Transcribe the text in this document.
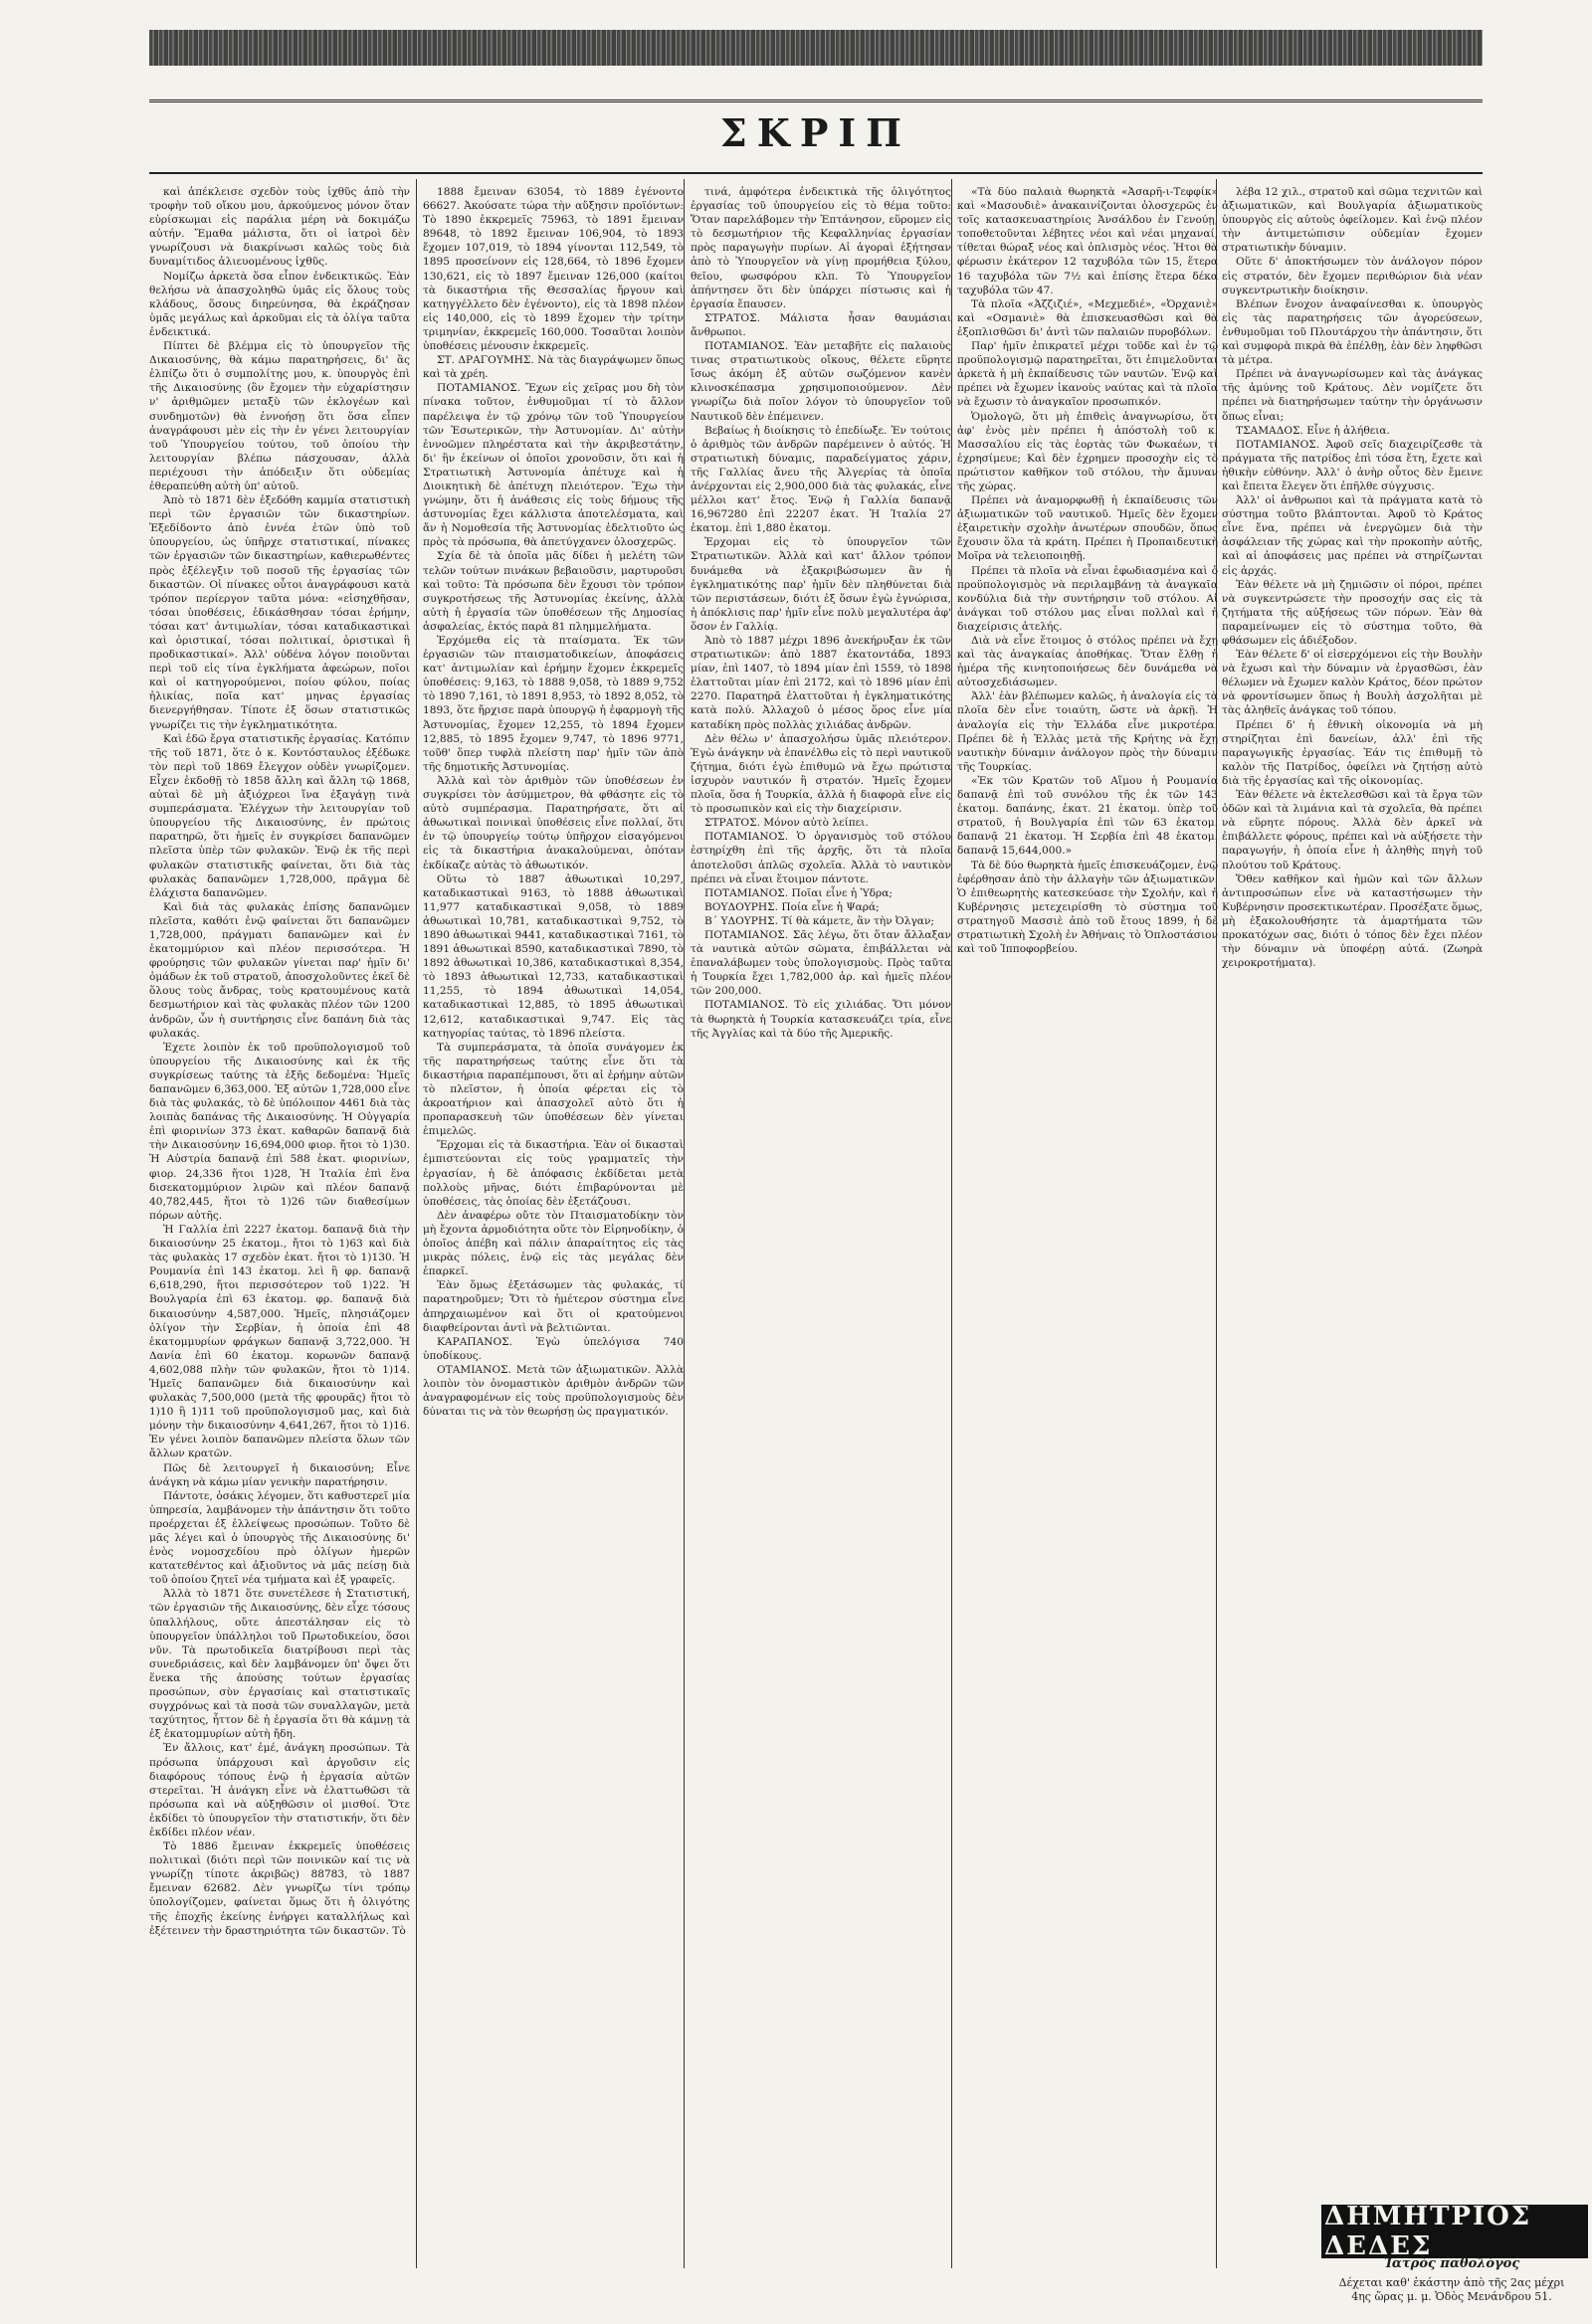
ΣΚΡΙΠ

καὶ ἀπέκλεισε σχεδὸν τοὺς ἰχθῦς ἀπὸ τὴν τροφὴν τοῦ οἴκου μου, ἀρκούμενος μόνον ὅταν εὑρίσκωμαι εἰς παράλια μέρη νὰ δοκιμάζω αὐτήν. Ἔμαθα μάλιστα, ὅτι οἱ ἰατροὶ δὲν γνωρίζουσι νὰ διακρίνωσι καλῶς τοὺς διὰ δυναμίτιδος ἁλιευομένους ἰχθῦς.

Νομίζω ἀρκετὰ ὅσα εἶπον ἐνδεικτικῶς. Ἐὰν θελήσω νὰ ἀπασχοληθῶ ὑμᾶς εἰς ὅλους τοὺς κλάδους, ὅσους διηρεύνησα, θὰ ἐκράζησαν ὑμᾶς μεγάλως καὶ ἀρκοῦμαι εἰς τὰ ὀλίγα ταῦτα ἐνδεικτικά.

Πίπτει δὲ βλέμμα εἰς τὸ ὑπουργεῖον τῆς Δικαιοσύνης, θὰ κάμω παρατηρήσεις, δι' ἃς ἐλπίζω ὅτι ὁ συμπολίτης μου, κ. ὑπουργὸς ἐπὶ τῆς Δικαιοσύνης (ὃν ἔχομεν τὴν εὐχαρίστησιν ν' ἀριθμῶμεν μεταξὺ τῶν ἐκλογέων καὶ συνδημοτῶν) θὰ ἐννοήσῃ ὅτι ὅσα εἶπεν ἀναγράφουσι μὲν εἰς τὴν ἐν γένει λειτουργίαν τοῦ Ὑπουργείου τούτου, τοῦ ὁποίου τὴν λειτουργίαν βλέπω πάσχουσαν, ἀλλὰ περιέχουσι τὴν ἀπόδειξιν ὅτι οὐδεμίας ἐθεραπεύθη αὐτὴ ὑπ' αὐτοῦ.

Ἀπὸ τὸ 1871 δὲν ἐξεδόθη καμμία στατιστικὴ περὶ τῶν ἐργασιῶν τῶν δικαστηρίων. Ἐξεδίδοντο ἀπὸ ἐννέα ἐτῶν ὑπὸ τοῦ ὑπουργείου, ὡς ὑπῆρχε στατιστικαί, πίνακες τῶν ἐργασιῶν τῶν δικαστηρίων, καθιερωθέντες πρὸς ἐξέλεγξιν τοῦ ποσοῦ τῆς ἐργασίας τῶν δικαστῶν. Οἱ πίνακες οὗτοι ἀναγράφουσι κατὰ τρόπον περίεργον ταῦτα μόνα: «εἰσηχθῆσαν, τόσαι ὑποθέσεις, ἐδικάσθησαν τόσαι ἐρήμην, τόσαι κατ' ἀντιμωλίαν, τόσαι καταδικαστικαὶ καὶ ὁριστικαί, τόσαι πολιτικαί, ὁριστικαὶ ἢ προδικαστικαί». Ἀλλ' οὐδένα λόγον ποιοῦνται περὶ τοῦ εἰς τίνα ἐγκλήματα ἀφεώρων, ποῖοι καὶ οἱ κατηγορούμενοι, ποίου φύλου, ποίας ἡλικίας, ποῖα κατ' μηνας ἐργασίας διενεργήθησαν. Τίποτε ἐξ ὅσων στατιστικῶς γνωρίζει τις τὴν ἐγκληματικότητα.

Καὶ ἐδῶ ἔργα στατιστικῆς ἐργασίας. Κατόπιν τῆς τοῦ 1871, ὅτε ὁ κ. Κοντόσταυλος ἐξέδωκε τὸν περὶ τοῦ 1869 ἔλεγχον οὐδὲν γνωρίζομεν. Εἶχεν ἐκδοθῇ τὸ 1858 ἄλλη καὶ ἄλλη τῷ 1868, αὐταὶ δὲ μὴ ἀξιόχρεοι ἵνα ἐξαγάγῃ τινὰ συμπεράσματα. Ἐλέγχων τὴν λειτουργίαν τοῦ ὑπουργείου τῆς Δικαιοσύνης, ἐν πρώτοις παρατηρῶ, ὅτι ἡμεῖς ἐν συγκρίσει δαπανῶμεν πλεῖστα ὑπὲρ τῶν φυλακῶν. Ἐνῷ ἐκ τῆς περὶ φυλακῶν στατιστικῆς φαίνεται, ὅτι διὰ τὰς φυλακὰς δαπανῶμεν 1,728,000, πρᾶγμα δὲ ἐλάχιστα δαπανῶμεν.

Καὶ διὰ τὰς φυλακὰς ἐπίσης δαπανῶμεν πλεῖστα, καθότι ἐνῷ φαίνεται ὅτι δαπανῶμεν 1,728,000, πράγματι δαπανῶμεν καὶ ἐν ἑκατομμύριον καὶ πλέον περισσότερα. Ἡ φρούρησις τῶν φυλακῶν γίνεται παρ' ἡμῖν δι' ὁμάδων ἐκ τοῦ στρατοῦ, ἀποσχολοῦντες ἐκεῖ δὲ ὅλους τοὺς ἄνδρας, τοὺς κρατουμένους κατὰ δεσμωτήριον καὶ τὰς φυλακὰς πλέον τῶν 1200 ἀνδρῶν, ὧν ἡ συντήρησις εἶνε δαπάνη διὰ τὰς φυλακάς.

Ἐχετε λοιπὸν ἐκ τοῦ προϋπολογισμοῦ τοῦ ὑπουργείου τῆς Δικαιοσύνης καὶ ἐκ τῆς συγκρίσεως ταύτης τὰ ἑξῆς δεδομένα: Ἡμεῖς δαπανῶμεν 6,363,000. Ἐξ αὐτῶν 1,728,000 εἶνε διὰ τὰς φυλακάς, τὸ δὲ ὑπόλοιπον 4461 διὰ τὰς λοιπὰς δαπάνας τῆς Δικαιοσύνης. Ἡ Οὐγγαρία ἐπὶ φιορινίων 373 ἑκατ. καθαρῶν δαπανᾷ διὰ τὴν Δικαιοσύνην 16,694,000 φιορ. ἤτοι τὸ 1)30. Ἡ Αὐστρία δαπανᾷ ἐπὶ 588 ἑκατ. φιορινίων, φιορ. 24,336 ἤτοι 1)28, Ἡ Ἰταλία ἐπὶ ἕνα δισεκατομμύριον λιρῶν καὶ πλέον δαπανᾷ 40,782,445, ἤτοι τὸ 1)26 τῶν διαθεσίμων πόρων αὐτῆς.

Ἡ Γαλλία ἐπὶ 2227 ἑκατομ. δαπανᾷ διὰ τὴν δικαιοσύνην 25 ἑκατομ., ἤτοι τὸ 1)63 καὶ διὰ τὰς φυλακὰς 17 σχεδὸν ἑκατ. ἤτοι τὸ 1)130. Ἡ Ρουμανία ἐπὶ 143 ἑκατομ. λεὶ ἢ φρ. δαπανᾷ 6,618,290, ἤτοι περισσότερον τοῦ 1)22. Ἡ Βουλγαρία ἐπὶ 63 ἑκατομ. φρ. δαπανᾷ διὰ δικαιοσύνην 4,587,000. Ἡμεῖς, πλησιάζομεν ὀλίγον τὴν Σερβίαν, ἡ ὁποία ἐπὶ 48 ἑκατομμυρίων φράγκων δαπανᾷ 3,722,000. Ἡ Δανία ἐπὶ 60 ἑκατομ. κορωνῶν δαπανᾷ 4,602,088 πλὴν τῶν φυλακῶν, ἤτοι τὸ 1)14. Ἡμεῖς δαπανῶμεν διὰ δικαιοσύνην καὶ φυλακὰς 7,500,000 (μετὰ τῆς φρουρᾶς) ἤτοι τὸ 1)10 ἢ 1)11 τοῦ προϋπολογισμοῦ μας, καὶ διὰ μόνην τὴν δικαιοσύνην 4,641,267, ἤτοι τὸ 1)16. Ἐν γένει λοιπὸν δαπανῶμεν πλείστα ὅλων τῶν ἄλλων κρατῶν.

Πῶς δὲ λειτουργεῖ ἡ δικαιοσύνη; Εἶνε ἀνάγκη νὰ κάμω μίαν γενικὴν παρατήρησιν.

Πάντοτε, ὁσάκις λέγομεν, ὅτι καθυστερεῖ μία ὑπηρεσία, λαμβάνομεν τὴν ἀπάντησιν ὅτι τοῦτο προέρχεται ἐξ ἐλλείψεως προσώπων. Τοῦτο δὲ μᾶς λέγει καὶ ὁ ὑπουργὸς τῆς Δικαιοσύνης δι' ἑνὸς νομοσχεδίου πρὸ ὀλίγων ἡμερῶν κατατεθέντος καὶ ἀξιοῦντος νὰ μᾶς πείσῃ διὰ τοῦ ὁποίου ζητεῖ νέα τμήματα καὶ ἐξ γραφεῖς.

Ἀλλὰ τὸ 1871 ὅτε συνετέλεσε ἡ Στατιστική, τῶν ἐργασιῶν τῆς Δικαιοσύνης, δὲν εἶχε τόσους ὑπαλλήλους, οὔτε ἀπεστάλησαν εἰς τὸ ὑπουργεῖον ὑπάλληλοι τοῦ Πρωτοδικείου, ὅσοι νῦν. Τὰ πρωτοδικεῖα διατρίβουσι περὶ τὰς συνεδριάσεις, καὶ δὲν λαμβάνομεν ὑπ' ὄψει ὅτι ἕνεκα τῆς ἀπούσης τούτων ἐργασίας προσώπων, σὺν ἐργασίαις καὶ στατιστικαῖς συγχρόνως καὶ τὰ ποσὰ τῶν συναλλαγῶν, μετὰ ταχύτητος, ἧττον δὲ ἡ ἐργασία ὅτι θὰ κάμνῃ τὰ ἐξ ἑκατομμυρίων αὐτὴ ἤδη.

Ἐν ἄλλοις, κατ' ἐμέ, ἀνάγκη προσώπων. Τὰ πρόσωπα ὑπάρχουσι καὶ ἀργοῦσιν εἰς διαφόρους τόπους ἐνῷ ἡ ἐργασία αὐτῶν στερεῖται. Ἡ ἀνάγκη εἶνε νὰ ἐλαττωθῶσι τὰ πρόσωπα καὶ νὰ αὐξηθῶσιν οἱ μισθοί. Ὅτε ἐκδίδει τὸ ὑπουργεῖον τὴν στατιστικήν, ὅτι δὲν ἐκδίδει πλέον νέαν.

Τὸ 1886 ἔμειναν ἐκκρεμεῖς ὑποθέσεις πολιτικαὶ (διότι περὶ τῶν ποινικῶν καί τις νὰ γνωρίζῃ τίποτε ἀκριβῶς) 88783, τὸ 1887 ἔμειναν 62682. Δὲν γνωρίζω τίνι τρόπῳ ὑπολογίζομεν, φαίνεται ὅμως ὅτι ἡ ὀλιγότης τῆς ἐποχῆς ἐκείνης ἐνήργει καταλλήλως καὶ ἐξέτεινεν τὴν δραστηριότητα τῶν δικαστῶν. Τὸ

1888 ἔμειναν 63054, τὸ 1889 ἐγένοντο 66627. Ἀκούσατε τώρα τὴν αὔξησιν προϊόντων: Τὸ 1890 ἐκκρεμεῖς 75963, τὸ 1891 ἔμειναν 89648, τὸ 1892 ἔμειναν 106,904, τὸ 1893 ἔχομεν 107,019, τὸ 1894 γίνονται 112,549, τὸ 1895 προσείνονν εἰς 128,664, τὸ 1896 ἔχομεν 130,621, εἰς τὸ 1897 ἔμειναν 126,000 (καίτοι τὰ δικαστήρια τῆς Θεσσαλίας ἤργουν καὶ κατηγγέλλετο δὲν ἐγένοντο), εἰς τὰ 1898 πλέον εἰς 140,000, εἰς τὸ 1899 ἔχομεν τὴν τρίτην τριμηνίαν, ἐκκρεμεῖς 160,000. Τοσαῦται λοιπὸν ὑποθέσεις μένουσιν ἐκκρεμεῖς.

ΣΤ. ΔΡΑΓΟΥΜΗΣ. Νὰ τὰς διαγράψωμεν ὅπως καὶ τὰ χρέη.

ΠΟΤΑΜΙΑΝΟΣ. Ἔχων εἰς χεῖρας μου δὴ τὸν πίνακα τοῦτον, ἐνθυμοῦμαι τί τὸ ἄλλον παρέλειψα ἐν τῷ χρόνῳ τῶν τοῦ Ὑπουργείου τῶν Ἐσωτερικῶν, τὴν Ἀστυνομίαν. Δι' αὐτὴν ἐννοῶμεν πληρέστατα καὶ τὴν ἀκριβεστάτην, δι' ἣν ἐκείνων οἱ ὁποῖοι χρονοῦσιν, ὅτι καὶ ἡ Στρατιωτικὴ Ἀστυνομία ἀπέτυχε καὶ ἡ Διοικητικὴ δὲ ἀπέτυχη πλειότερον. Ἔχω τὴν γνώμην, ὅτι ἡ ἀνάθεσις εἰς τοὺς δήμους τῆς ἀστυνομίας ἔχει κάλλιστα ἀποτελέσματα, καὶ ἄν ἡ Νομοθεσία τῆς Ἀστυνομίας ἐδελτιοῦτο ὡς πρὸς τὰ πρόσωπα, θὰ ἀπετύγχανεν ὁλοσχερῶς.

Σχία δὲ τὰ ὁποῖα μᾶς δίδει ἡ μελέτη τῶν τελῶν τούτων πινάκων βεβαιοῦσιν, μαρτυροῦσι καὶ τοῦτο: Τὰ πρόσωπα δὲν ἔχουσι τὸν τρόπον συγκροτήσεως τῆς Ἀστυνομίας ἐκείνης, ἀλλὰ αὐτὴ ἡ ἐργασία τῶν ὑποθέσεων τῆς Δημοσίας ἀσφαλείας, ἐκτός παρὰ 81 πλημμελήματα.

Ἐρχόμεθα εἰς τὰ πταίσματα. Ἐκ τῶν ἐργασιῶν τῶν πταισματοδικείων, ἀποφάσεις κατ' ἀντιμωλίαν καὶ ἐρήμην ἔχομεν ἐκκρεμεῖς ὑποθέσεις: 9,163, τὸ 1888 9,058, τὸ 1889 9,752 τὸ 1890 7,161, τὸ 1891 8,953, τὸ 1892 8,052, τὸ 1893, ὅτε ἤρχισε παρὰ ὑπουργῷ ἡ ἐφαρμογὴ τῆς Ἀστυνομίας, ἔχομεν 12,255, τὸ 1894 ἔχομεν 12,885, τὸ 1895 ἔχομεν 9,747, τὸ 1896 9771, τοῦθ' ὅπερ τυφλὰ πλείστη παρ' ἡμῖν τῶν ἀπὸ τῆς δημοτικῆς Ἀστυνομίας.

Ἀλλὰ καὶ τὸν ἀριθμὸν τῶν ὑποθέσεων ἐν συγκρίσει τὸν ἀσύμμετρον, θὰ φθάσητε εἰς τὸ αὐτὸ συμπέρασμα. Παρατηρήσατε, ὅτι αἱ ἀθωωτικαὶ ποινικαὶ ὑποθέσεις εἶνε πολλαί, ὅτι ἐν τῷ ὑπουργείῳ τούτῳ ὑπῆρχον εἰσαγόμενοι εἰς τὰ δικαστήρια ἀνακαλούμεναι, ὁπόταν ἐκδίκαζε αὐτὰς τὸ ἀθωωτικόν.

Οὕτω τὸ 1887 ἀθωωτικαὶ 10,297, καταδικαστικαὶ 9163, τὸ 1888 ἀθωωτικαὶ 11,977 καταδικαστικαὶ 9,058, τὸ 1889 ἀθωωτικαὶ 10,781, καταδικαστικαὶ 9,752, τὸ 1890 ἀθωωτικαὶ 9441, καταδικαστικαὶ 7161, τὸ 1891 ἀθωωτικαὶ 8590, καταδικαστικαὶ 7890, τὸ 1892 ἀθωωτικαὶ 10,386, καταδικαστικαὶ 8,354, τὸ 1893 ἀθωωτικαὶ 12,733, καταδικαστικαὶ 11,255, τὸ 1894 ἀθωωτικαὶ 14,054, καταδικαστικαὶ 12,885, τὸ 1895 ἀθωωτικαὶ 12,612, καταδικαστικαὶ 9,747. Εἰς τὰς κατηγορίας ταύτας, τὸ 1896 πλείστα.

Τὰ συμπεράσματα, τὰ ὁποῖα συνάγομεν ἐκ τῆς παρατηρήσεως ταύτης εἶνε ὅτι τὰ δικαστήρια παραπέμπουσι, ὅτι αἱ ἐρήμην αὐτῶν τὸ πλεῖστον, ἡ ὁποία φέρεται εἰς τὸ ἀκροατήριον καὶ ἀπασχολεῖ αὐτὸ ὅτι ἡ προπαρασκευὴ τῶν ὑποθέσεων δὲν γίνεται ἐπιμελῶς.

Ἔρχομαι εἰς τὰ δικαστήρια. Ἐὰν οἱ δικασταὶ ἐμπιστεύονται εἰς τοὺς γραμματεῖς τὴν ἐργασίαν, ἡ δὲ ἀπόφασις ἐκδίδεται μετὰ πολλοὺς μῆνας, διότι ἐπιβαρύνονται μὲ ὑποθέσεις, τὰς ὁποίας δὲν ἐξετάζουσι.

Δὲν ἀναφέρω οὔτε τὸν Πταισματοδίκην τὸν μὴ ἔχοντα ἁρμοδιότητα οὔτε τὸν Εἰρηνοδίκην, ὁ ὁποῖος ἀπέβη καὶ πάλιν ἀπαραίτητος εἰς τὰς μικρὰς πόλεις, ἐνῷ εἰς τὰς μεγάλας δὲν ἐπαρκεῖ.

Ἐὰν ὅμως ἐξετάσωμεν τὰς φυλακάς, τί παρατηροῦμεν; Ὅτι τὸ ἡμέτερον σύστημα εἶνε ἀπηρχαιωμένον καὶ ὅτι οἱ κρατούμενοι διαφθείρονται ἀντὶ νὰ βελτιῶνται.

ΚΑΡΑΠΑΝΟΣ. Ἐγὼ ὑπελόγισα 740 ὑποδίκους.

ΟΤΑΜΙΑΝΟΣ. Μετὰ τῶν ἀξιωματικῶν. Ἀλλὰ λοιπὸν τὸν ὀνομαστικὸν ἀριθμὸν ἀνδρῶν τῶν ἀναγραφομένων εἰς τοὺς προϋπολογισμοὺς δὲν δύναται τις νὰ τὸν θεωρήσῃ ὡς πραγματικόν.

τινά, ἀμφότερα ἐνδεικτικὰ τῆς ὀλιγότητος ἐργασίας τοῦ ὑπουργείου εἰς τὸ θέμα τοῦτο: Ὅταν παρελάβομεν τὴν Ἑπτάνησον, εὕρομεν εἰς τὸ δεσμωτήριον τῆς Κεφαλληνίας ἐργασίαν πρὸς παραγωγὴν πυρίων. Αἱ ἀγοραὶ ἐξήτησαν ἀπὸ τὸ Ὑπουργεῖον νὰ γίνῃ προμήθεια ξύλου, θεῖου, φωσφόρου κλπ. Τὸ Ὑπουργεῖον ἀπήντησεν ὅτι δὲν ὑπάρχει πίστωσις καὶ ἡ ἐργασία ἔπαυσεν.

ΣΤΡΑΤΟΣ. Μάλιστα ἦσαν θαυμάσιαι ἄνθρωποι.

ΠΟΤΑΜΙΑΝΟΣ. Ἐὰν μεταβῆτε εἰς παλαιοὺς τινας στρατιωτικοὺς οἴκους, θέλετε εὕρητε ἴσως ἀκόμη ἐξ αὐτῶν σωζόμενον κανὲν κλινοσκέπασμα χρησιμοποιούμενον. Δὲν γνωρίζω διὰ ποῖον λόγον τὸ ὑπουργεῖον τοῦ Ναυτικοῦ δὲν ἐπέμεινεν.

Βεβαίως ἡ διοίκησις τὸ ἐπεδίωξε. Ἐν τούτοις ὁ ἀριθμὸς τῶν ἀνδρῶν παρέμεινεν ὁ αὐτός. Ἡ στρατιωτικὴ δύναμις, παραδείγματος χάριν, τῆς Γαλλίας ἄνευ τῆς Ἀλγερίας τὰ ὁποῖα ἀνέρχονται εἰς 2,900,000 διὰ τὰς φυλακάς, εἶνε μέλλοι κατ' ἔτος. Ἐνῷ ἡ Γαλλία δαπανᾷ 16,967280 ἐπὶ 22207 ἑκατ. Ἡ Ἰταλία 27 ἑκατομ. ἐπὶ 1,880 ἑκατομ.

Ἐρχομαι εἰς τὸ ὑπουργεῖον τῶν Στρατιωτικῶν. Ἀλλὰ καὶ κατ' ἄλλον τρόπον δυνάμεθα νὰ ἐξακριβώσωμεν ἂν ἡ ἐγκληματικότης παρ' ἡμῖν δὲν πληθύνεται διὰ τῶν περιστάσεων, διότι ἐξ ὅσων ἐγὼ ἐγνώρισα, ἡ ἀπόκλισις παρ' ἡμῖν εἶνε πολὺ μεγαλυτέρα ἀφ' ὅσον ἐν Γαλλίᾳ.

Ἀπὸ τὸ 1887 μέχρι 1896 ἀνεκήρυξαν ἐκ τῶν στρατιωτικῶν: ἀπὸ 1887 ἐκατοντάδα, 1893 μίαν, ἐπὶ 1407, τὸ 1894 μίαν ἐπὶ 1559, τὸ 1898 ἐλαττοῦται μίαν ἐπὶ 2172, καὶ τὸ 1896 μίαν ἐπὶ 2270. Παρατηρᾶ ἐλαττοῦται ἡ ἐγκληματικότης κατὰ πολύ. Ἀλλαχοῦ ὁ μέσος ὅρος εἶνε μία καταδίκη πρὸς πολλὰς χιλιάδας ἀνδρῶν.

Δὲν θέλω ν' ἀπασχολήσω ὑμᾶς πλειότερον. Ἐγὼ ἀνάγκην νὰ ἐπανέλθω εἰς τὸ περὶ ναυτικοῦ ζήτημα, διότι ἐγὼ ἐπιθυμῶ νὰ ἔχω πρώτιστα ἰσχυρὸν ναυτικόν ἢ στρατόν. Ἡμεῖς ἔχομεν πλοῖα, ὅσα ἡ Τουρκία, ἀλλὰ ἡ διαφορὰ εἶνε εἰς τὸ προσωπικὸν καὶ εἰς τὴν διαχείρισιν.

ΣΤΡΑΤΟΣ. Μόνον αὐτὸ λείπει.

ΠΟΤΑΜΙΑΝΟΣ. Ὁ ὀργανισμὸς τοῦ στόλου ἐστηρίχθη ἐπὶ τῆς ἀρχῆς, ὅτι τὰ πλοῖα ἀποτελοῦσι ἁπλῶς σχολεῖα. Ἀλλὰ τὸ ναυτικὸν πρέπει νὰ εἶναι ἕτοιμον πάντοτε.

ΠΟΤΑΜΙΑΝΟΣ. Ποῖαι εἶνε ἡ Ὑδρα;

ΒΟΥΔΟΥΡΗΣ. Ποία εἶνε ἡ Ψαρά;

Β΄ ΥΔΟΥΡΗΣ. Τί θὰ κάμετε, ἂν τὴν Ὀλγαν;

ΠΟΤΑΜΙΑΝΟΣ. Σᾶς λέγω, ὅτι ὅταν ἄλλαξαν τὰ ναυτικὰ αὐτῶν σῶματα, ἐπιβάλλεται νὰ ἐπαναλάβωμεν τοὺς ὑπολογισμοὺς. Πρὸς ταῦτα ἡ Τουρκία ἔχει 1,782,000 ἀρ. καὶ ἡμεῖς πλέον τῶν 200,000.

ΠΟΤΑΜΙΑΝΟΣ. Τὸ εἰς χιλιάδας. Ὅτι μόνον τὰ θωρηκτὰ ἡ Τουρκία κατασκευάζει τρία, εἶνε τῆς Ἀγγλίας καὶ τὰ δύο τῆς Ἀμερικῆς.

«Τὰ δύο παλαιὰ θωρηκτὰ «Ἀσαρῆ-ι-Τεφφίκ» καὶ «Μασουδιὲ» ἀνακαινίζονται ὁλοσχερῶς ἐν τοῖς κατασκευαστηρίοις Ἀνσάλδου ἐν Γενούῃ, τοποθετοῦνται λέβητες νέοι καὶ νέαι μηχαναί, τίθεται θώραξ νέος καὶ ὁπλισμὸς νέος. Ἠτοι θὰ φέρωσιν ἑκάτερον 12 ταχυβόλα τῶν 15, ἕτερα 16 ταχυβόλα τῶν 7½ καὶ ἐπίσης ἕτερα δέκα ταχυβόλα τῶν 47.

Τὰ πλοῖα «Ἀζζιζιέ», «Μεχμεδιέ», «Ὀρχανιὲ» καὶ «Οσμανιὲ» θὰ ἐπισκευασθῶσι καὶ θὰ ἐξοπλισθῶσι δι' ἀντὶ τῶν παλαιῶν πυροβόλων.

Παρ' ἡμῖν ἐπικρατεῖ μέχρι τοῦδε καὶ ἐν τῷ προϋπολογισμῷ παρατηρεῖται, ὅτι ἐπιμελοῦνται ἀρκετὰ ἡ μὴ ἐκπαίδευσις τῶν ναυτῶν. Ἐνῷ καὶ πρέπει νὰ ἔχωμεν ἱκανοὺς ναύτας καὶ τὰ πλοῖα νὰ ἔχωσιν τὸ ἀναγκαῖον προσωπικόν.

Ὁμολογῶ, ὅτι μὴ ἐπιθεὶς ἀναγνωρίσω, ὅτι ἀφ' ἑνὸς μὲν πρέπει ἡ ἀπόστολὴ τοῦ κ. Μασσαλίου εἰς τὰς ἑορτὰς τῶν Φωκαέων, τί ἐχρησίμευε; Καὶ δὲν ἐχρημεν προσοχὴν εἰς τὸ πρώτιστον καθῆκον τοῦ στόλου, τὴν ἄμυναν τῆς χώρας.

Πρέπει νὰ ἀναμορφωθῇ ἡ ἐκπαίδευσις τῶν ἀξιωματικῶν τοῦ ναυτικοῦ. Ἡμεῖς δὲν ἔχομεν ἐξαιρετικὴν σχολὴν ἀνωτέρων σπουδῶν, ὅπως ἔχουσιν ὅλα τὰ κράτη. Πρέπει ἡ Προπαιδευτικὴ Μοῖρα νὰ τελειοποιηθῇ.

Πρέπει τὰ πλοῖα νὰ εἶναι ἐφωδιασμένα καὶ ὁ προϋπολογισμὸς νὰ περιλαμβάνῃ τὰ ἀναγκαῖα κονδύλια διὰ τὴν συντήρησιν τοῦ στόλου. Αἱ ἀνάγκαι τοῦ στόλου μας εἶναι πολλαὶ καὶ ἡ διαχείρισις ἀτελής.

Διὰ νὰ εἶνε ἕτοιμος ὁ στόλος πρέπει νὰ ἔχῃ καὶ τὰς ἀναγκαίας ἀποθήκας. Ὅταν ἔλθῃ ἡ ἡμέρα τῆς κινητοποιήσεως δὲν δυνάμεθα νὰ αὐτοσχεδιάσωμεν.

Ἀλλ' ἐὰν βλέπωμεν καλῶς, ἡ ἀναλογία εἰς τὰ πλοῖα δὲν εἶνε τοιαύτη, ὥστε νὰ ἀρκῇ. Ἡ ἀναλογία εἰς τὴν Ἑλλάδα εἶνε μικροτέρα. Πρέπει δὲ ἡ Ἑλλὰς μετὰ τῆς Κρήτης νὰ ἔχῃ ναυτικὴν δύναμιν ἀνάλογον πρὸς τὴν δύναμιν τῆς Τουρκίας.

«Ἐκ τῶν Κρατῶν τοῦ Αἵμου ἡ Ρουμανία δαπανᾷ ἐπὶ τοῦ συνόλου τῆς ἐκ τῶν 143 ἑκατομ. δαπάνης, ἑκατ. 21 ἑκατομ. ὑπὲρ τοῦ στρατοῦ, ἡ Βουλγαρία ἐπὶ τῶν 63 ἑκατομ. δαπανᾷ 21 ἑκατομ. Ἡ Σερβία ἐπὶ 48 ἑκατομ. δαπανᾷ 15,644,000.»

Τὰ δὲ δύο θωρηκτὰ ἡμεῖς ἐπισκευάζομεν, ἐνῷ ἐφέρθησαν ἀπὸ τὴν ἀλλαγὴν τῶν ἀξιωματικῶν. Ὁ ἐπιθεωρητὴς κατεσκεύασε τὴν Σχολήν, καὶ ἡ Κυβέρνησις μετεχειρίσθη τὸ σύστημα τοῦ στρατηγοῦ Μασσιὲ ἀπὸ τοῦ ἔτους 1899, ἡ δὲ στρατιωτικὴ Σχολὴ ἐν Ἀθήναις τὸ Ὁπλοστάσιον καὶ τοῦ Ἱπποφορβείου.

λέβα 12 χιλ., στρατοῦ καὶ σῶμα τεχνιτῶν καὶ ἀξιωματικῶν, καὶ Βουλγαρία ἀξιωματικοὺς ὑπουργὸς εἰς αὐτοὺς ὀφείλομεν. Καὶ ἐνῷ πλέον τὴν ἀντιμετώπισιν οὐδεμίαν ἔχομεν στρατιωτικὴν δύναμιν.

Οὕτε δ' ἀποκτήσωμεν τὸν ἀνάλογον πόρον εἰς στρατόν, δὲν ἔχομεν περιθώριον διὰ νέαν συγκεντρωτικὴν διοίκησιν.

Βλέπων ἔνοχον ἀναφαίνεσθαι κ. ὑπουργὸς εἰς τὰς παρατηρήσεις τῶν ἀγορεύσεων, ἐνθυμοῦμαι τοῦ Πλουτάρχου τὴν ἀπάντησιν, ὅτι καὶ συμφορὰ πικρὰ θὰ ἐπέλθῃ, ἐὰν δὲν ληφθῶσι τὰ μέτρα.

Πρέπει νὰ ἀναγνωρίσωμεν καὶ τὰς ἀνάγκας τῆς ἀμύνης τοῦ Κράτους. Δὲν νομίζετε ὅτι πρέπει νὰ διατηρήσωμεν ταύτην τὴν ὀργάνωσιν ὅπως εἶναι;

ΤΣΑΜΑΔΟΣ. Εἶνε ἡ ἀλήθεια.

ΠΟΤΑΜΙΑΝΟΣ. Ἀφοῦ σεῖς διαχειρίζεσθε τὰ πράγματα τῆς πατρίδος ἐπὶ τόσα ἔτη, ἔχετε καὶ ἠθικὴν εὐθύνην. Ἀλλ' ὁ ἀνὴρ οὗτος δὲν ἔμεινε καὶ ἔπειτα ἔλεγεν ὅτι ἐπῆλθε σύγχυσις.

Ἀλλ' οἱ ἀνθρωποι καὶ τὰ πράγματα κατὰ τὸ σύστημα τοῦτο βλάπτονται. Ἀφοῦ τὸ Κράτος εἶνε ἕνα, πρέπει νὰ ἐνεργῶμεν διὰ τὴν ἀσφάλειαν τῆς χώρας καὶ τὴν προκοπὴν αὐτῆς, καὶ αἱ ἀποφάσεις μας πρέπει νὰ στηρίζωνται εἰς ἀρχάς.

Ἐὰν θέλετε νὰ μὴ ζημιῶσιν οἱ πόροι, πρέπει νὰ συγκεντρώσετε τὴν προσοχήν σας εἰς τὰ ζητήματα τῆς αὐξήσεως τῶν πόρων. Ἐὰν θὰ παραμείνωμεν εἰς τὸ σύστημα τοῦτο, θὰ φθάσωμεν εἰς ἀδιέξοδον.

Ἐὰν θέλετε δ' οἱ εἰσερχόμενοι εἰς τὴν Βουλὴν νὰ ἔχωσι καὶ τὴν δύναμιν νὰ ἐργασθῶσι, ἐὰν θέλωμεν νὰ ἔχωμεν καλὸν Κράτος, δέον πρώτον νὰ φροντίσωμεν ὅπως ἡ Βουλὴ ἀσχολῆται μὲ τὰς ἀληθεῖς ἀνάγκας τοῦ τόπου.

Πρέπει δ' ἡ ἐθνικὴ οἰκονομία νὰ μὴ στηρίζηται ἐπὶ δανείων, ἀλλ' ἐπὶ τῆς παραγωγικῆς ἐργασίας. Ἐάν τις ἐπιθυμῇ τὸ καλὸν τῆς Πατρίδος, ὀφείλει νὰ ζητήσῃ αὐτὸ διὰ τῆς ἐργασίας καὶ τῆς οἰκονομίας.

Ἐὰν θέλετε νὰ ἐκτελεσθῶσι καὶ τὰ ἔργα τῶν ὁδῶν καὶ τὰ λιμάνια καὶ τὰ σχολεῖα, θὰ πρέπει νὰ εὕρητε πόρους. Ἀλλὰ δὲν ἀρκεῖ νὰ ἐπιβάλλετε φόρους, πρέπει καὶ νὰ αὐξήσετε τὴν παραγωγήν, ἡ ὁποία εἶνε ἡ ἀληθὴς πηγὴ τοῦ πλούτου τοῦ Κράτους.

Ὅθεν καθῆκον καὶ ἡμῶν καὶ τῶν ἄλλων ἀντιπροσώπων εἶνε νὰ καταστήσωμεν τὴν Κυβέρνησιν προσεκτικωτέραν. Προσέξατε ὅμως, μὴ ἐξακολουθήσητε τὰ ἁμαρτήματα τῶν προκατόχων σας, διότι ὁ τόπος δὲν ἔχει πλέον τὴν δύναμιν νὰ ὑποφέρῃ αὐτά. (Ζωηρὰ χειροκροτήματα).

ΔΗΜΗΤΡΙΟΣ ΔΕΔΕΣ
Ἰατρὸς παθολόγος
Δέχεται καθ' ἑκάστην ἀπὸ τῆς 2ας μέχρι
4ης ὥρας μ. μ. Ὁδὸς Μενάνδρου 51.
